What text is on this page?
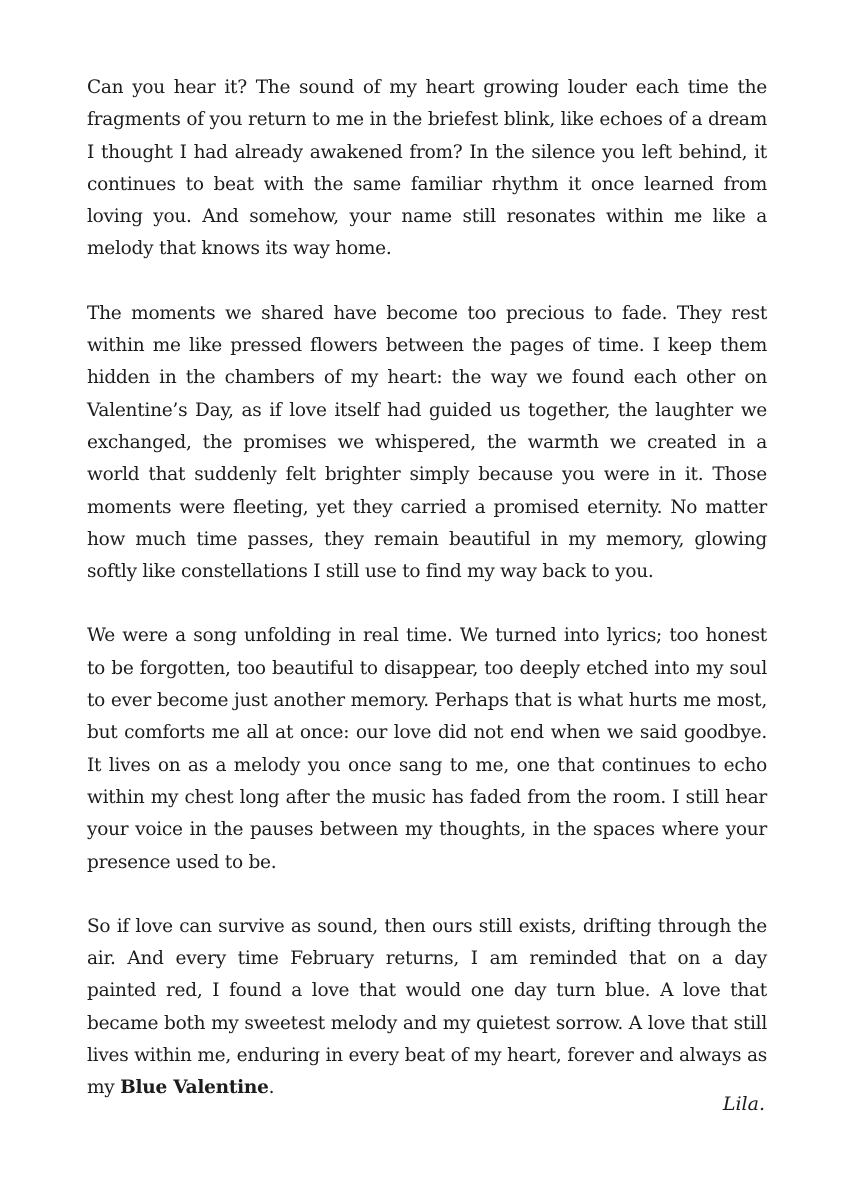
Can you hear it? The sound of my heart growing louder each time the fragments of you return to me in the briefest blink, like echoes of a dream I thought I had already awakened from? In the silence you left behind, it continues to beat with the same familiar rhythm it once learned from loving you. And somehow, your name still resonates within me like a melody that knows its way home.

The moments we shared have become too precious to fade. They rest within me like pressed flowers between the pages of time. I keep them hidden in the chambers of my heart: the way we found each other on Valentine’s Day, as if love itself had guided us together, the laughter we exchanged, the promises we whispered, the warmth we created in a world that suddenly felt brighter simply because you were in it. Those moments were fleeting, yet they carried a promised eternity. No matter how much time passes, they remain beautiful in my memory, glowing softly like constellations I still use to find my way back to you.

We were a song unfolding in real time. We turned into lyrics; too honest to be forgotten, too beautiful to disappear, too deeply etched into my soul to ever become just another memory. Perhaps that is what hurts me most, but comforts me all at once: our love did not end when we said goodbye. It lives on as a melody you once sang to me, one that continues to echo within my chest long after the music has faded from the room. I still hear your voice in the pauses between my thoughts, in the spaces where your presence used to be.

So if love can survive as sound, then ours still exists, drifting through the air. And every time February returns, I am reminded that on a day painted red, I found a love that would one day turn blue. A love that became both my sweetest melody and my quietest sorrow. A love that still lives within me, enduring in every beat of my heart, forever and always as my Blue Valentine.

Lila.
